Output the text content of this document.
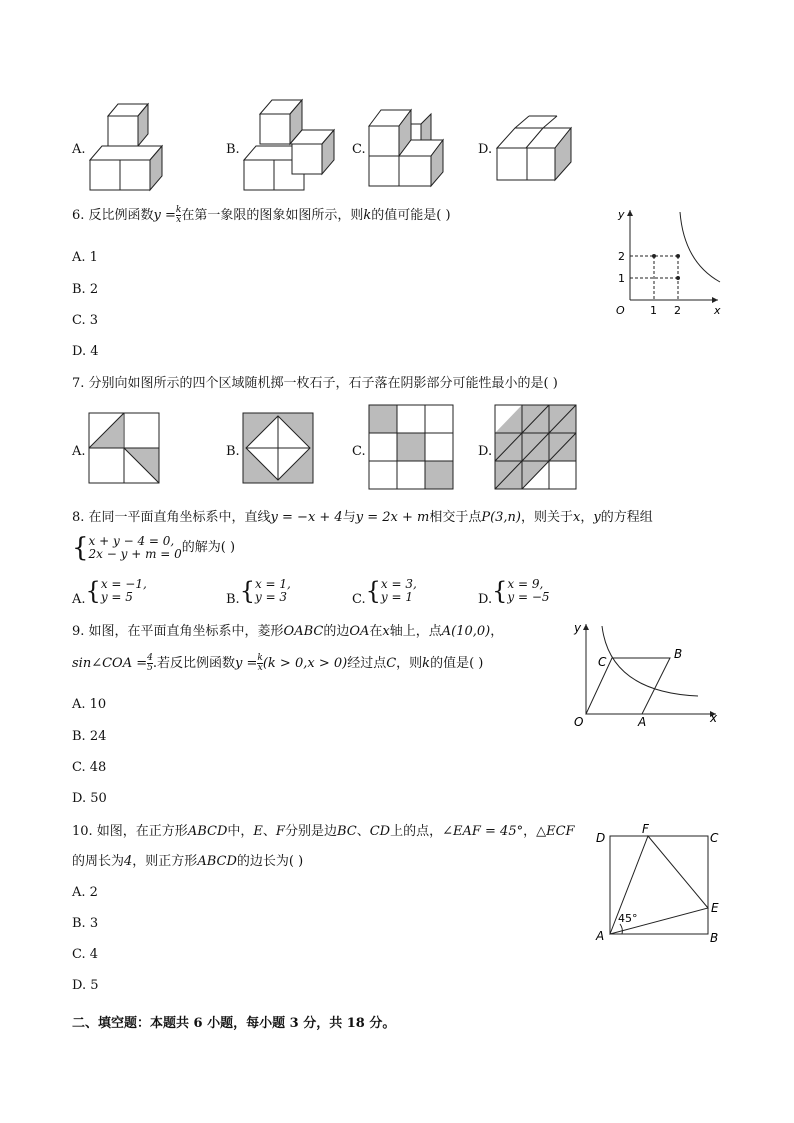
A.	B.	C.	D.
6. 反比例函数$y = \frac{k}{x}$ 在第一象限的图象如图所示，则k的值可能是( )
A. 1
B. 2
C. 3
D. 4
y
x
O 1 2
1
2
7. 分别向如图所示的四个区域随机掷一枚石子，石子落在阴影部分可能性最小的是( )
A.	B.	C.	D.
8. 在同一平面直角坐标系中，直线y = −x + 4与y = 2x + m相交于点P(3,n)，则关于x，y的方程组
{ x + y − 4 = 0,
2x − y + m = 0 的解为( )
A.{ x = −1,
y = 5	B.{ x = 1,
y = 3	C.{ x = 3,
y = 1	D.{ x = 9,
y = −5
9. 如图，在平面直角坐标系中，菱形OABC的边OA在x轴上，点A(10,0)，
sin∠COA = $\frac{4}{5}$ .若反比例函数$y = \frac{k}{x} (k > 0,x > 0)$经过点C，则k的值是( )
A. 10
B. 24
C. 48
D. 50
y
x
O	A
B
C
10. 如图，在正方形ABCD中，E、F分别是边BC、CD上的点，∠EAF = 45°，△ECF
的周长为4，则正方形ABCD的边长为( )
A. 2
B. 3
C. 4
D. 5
45°
A	B
C
D
E
F
二、填空题：本题共 6 小题，每小题 3 分，共 18 分。
